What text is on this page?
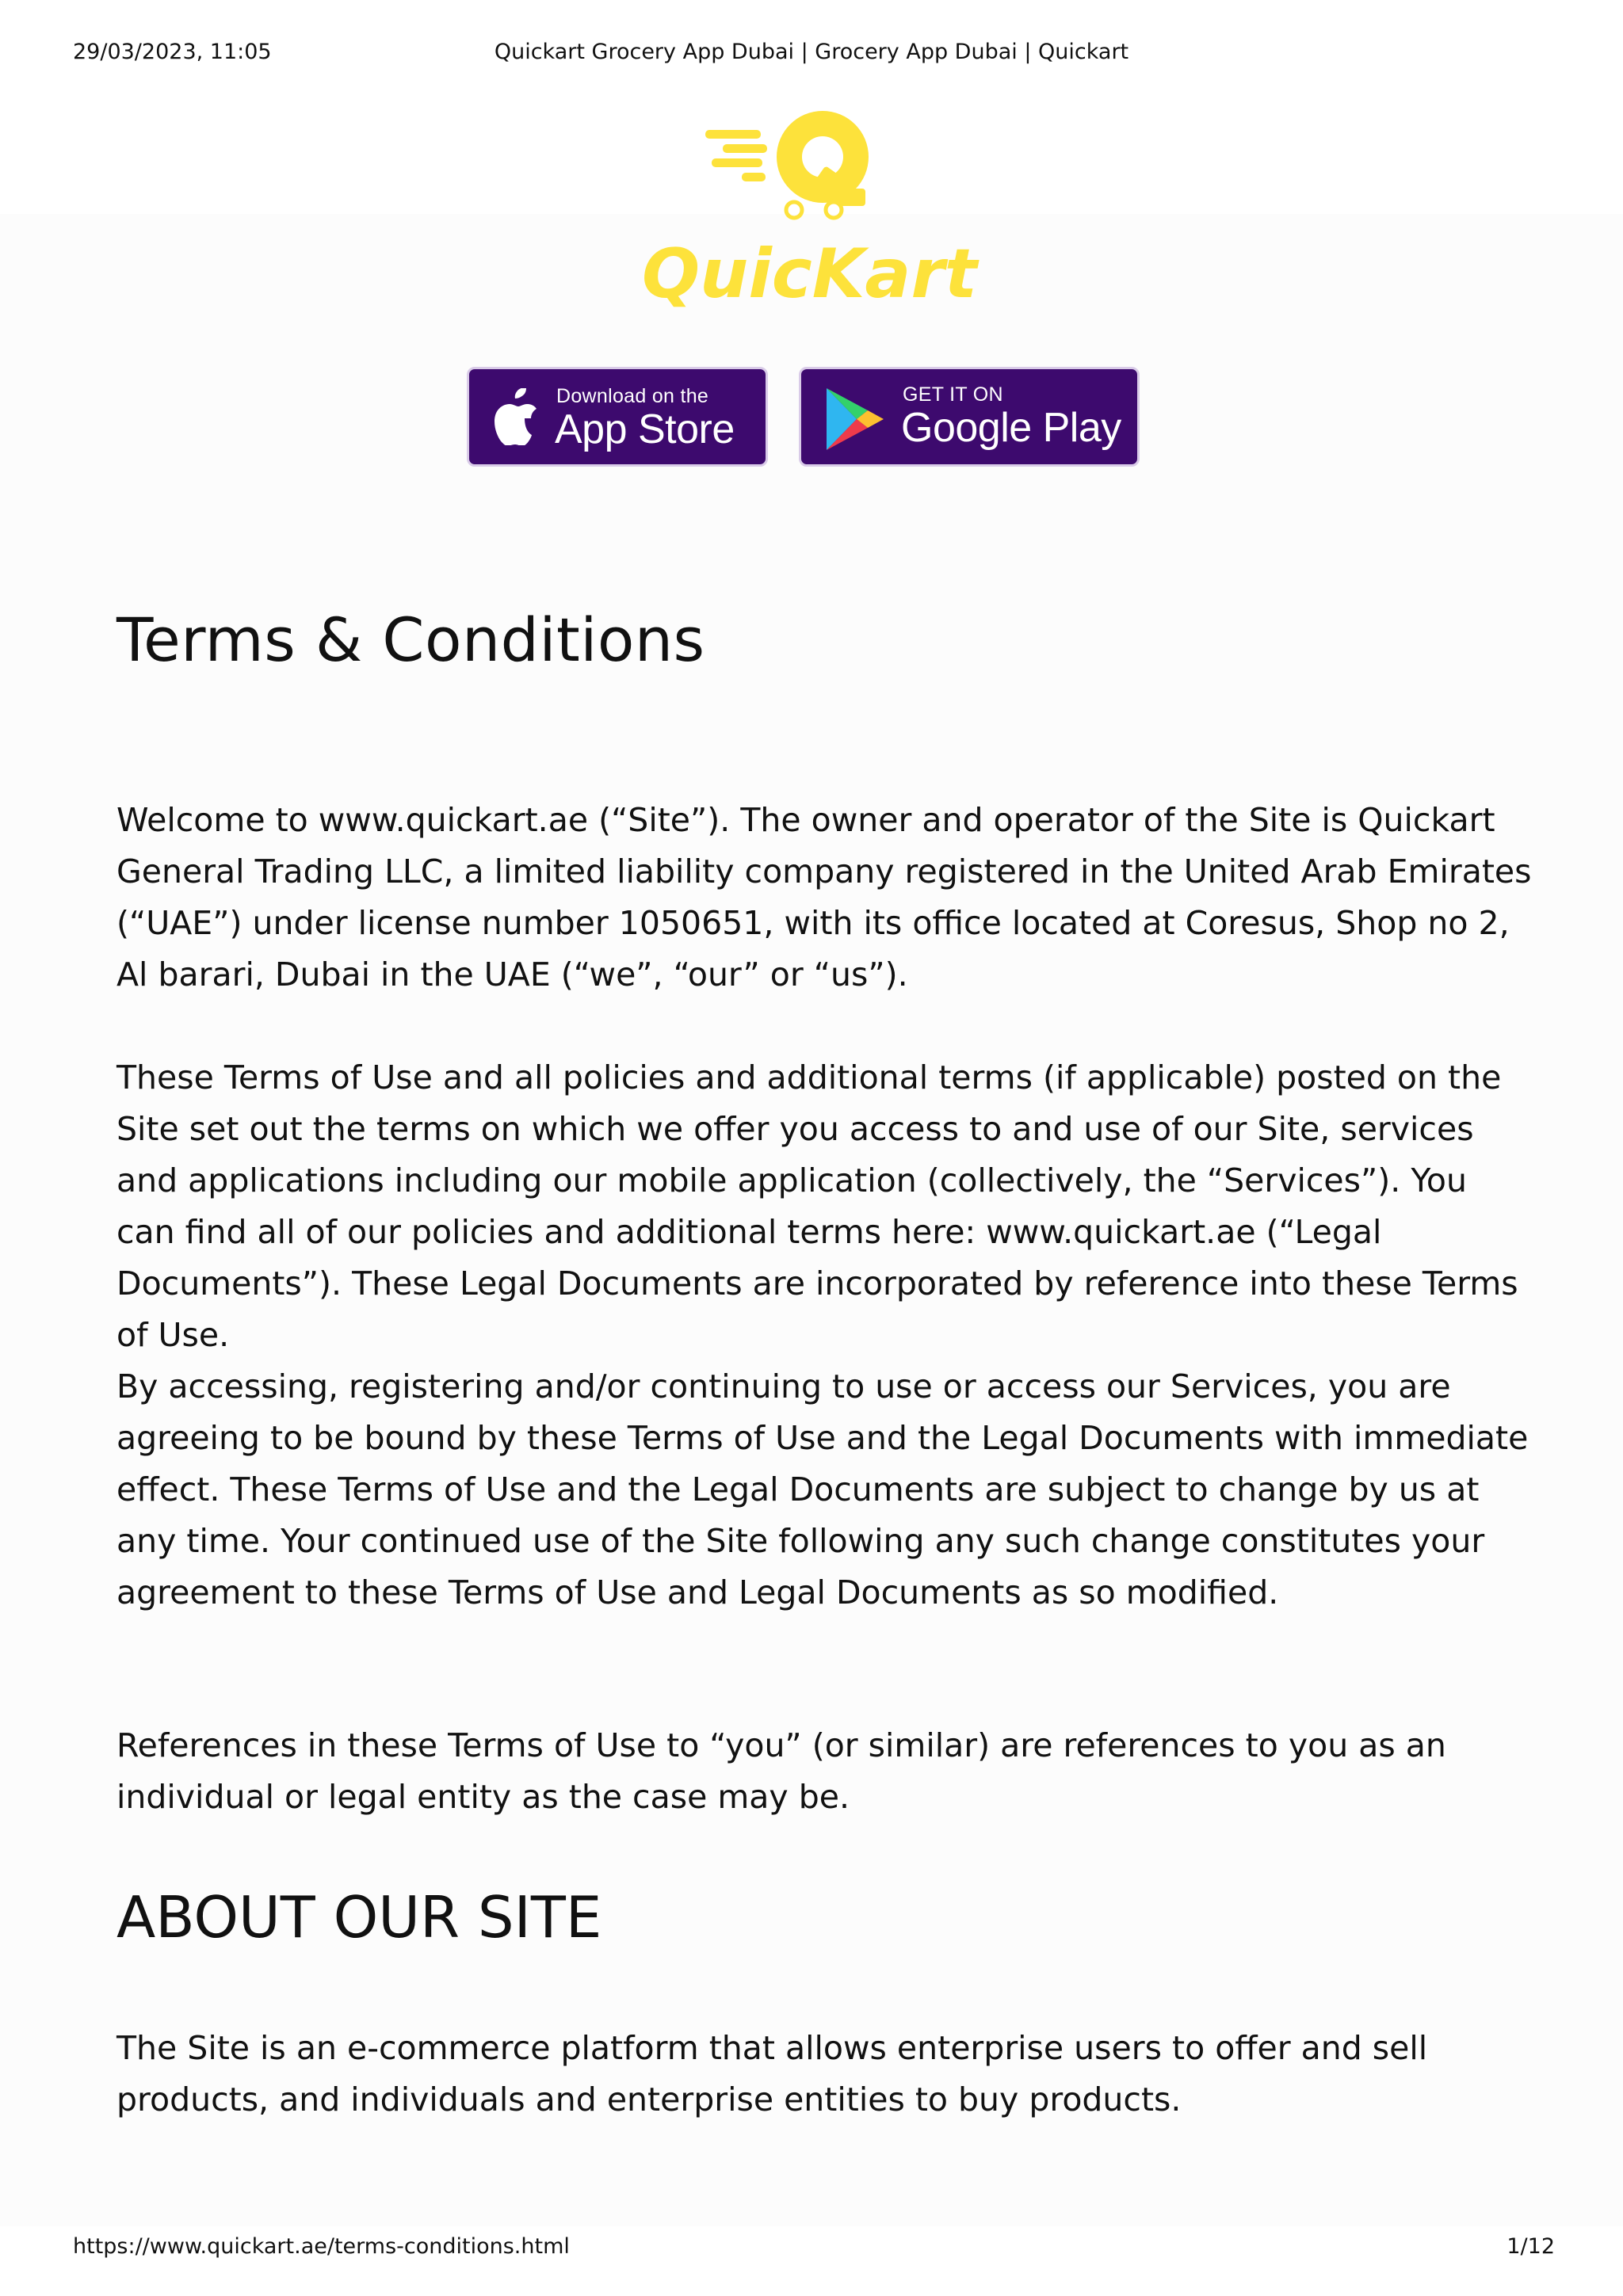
29/03/2023, 11:05	Quickart Grocery App Dubai | Grocery App Dubai | Quickart
QuicKart
Download on the
App Store
GET IT ON
Google Play
Terms & Conditions

Welcome to www.quickart.ae (“Site”). The owner and operator of the Site is Quickart General Trading LLC, a limited liability company registered in the United Arab Emirates (“UAE”) under license number 1050651, with its office located at Coresus, Shop no 2, Al barari, Dubai in the UAE (“we”, “our” or “us”).

These Terms of Use and all policies and additional terms (if applicable) posted on the Site set out the terms on which we offer you access to and use of our Site, services and applications including our mobile application (collectively, the “Services”). You can find all of our policies and additional terms here: www.quickart.ae (“Legal Documents”). These Legal Documents are incorporated by reference into these Terms of Use.

By accessing, registering and/or continuing to use or access our Services, you are agreeing to be bound by these Terms of Use and the Legal Documents with immediate effect. These Terms of Use and the Legal Documents are subject to change by us at any time. Your continued use of the Site following any such change constitutes your agreement to these Terms of Use and Legal Documents as so modified.

References in these Terms of Use to “you” (or similar) are references to you as an individual or legal entity as the case may be.

ABOUT OUR SITE

The Site is an e-commerce platform that allows enterprise users to offer and sell products, and individuals and enterprise entities to buy products.

https://www.quickart.ae/terms-conditions.html	1/12
